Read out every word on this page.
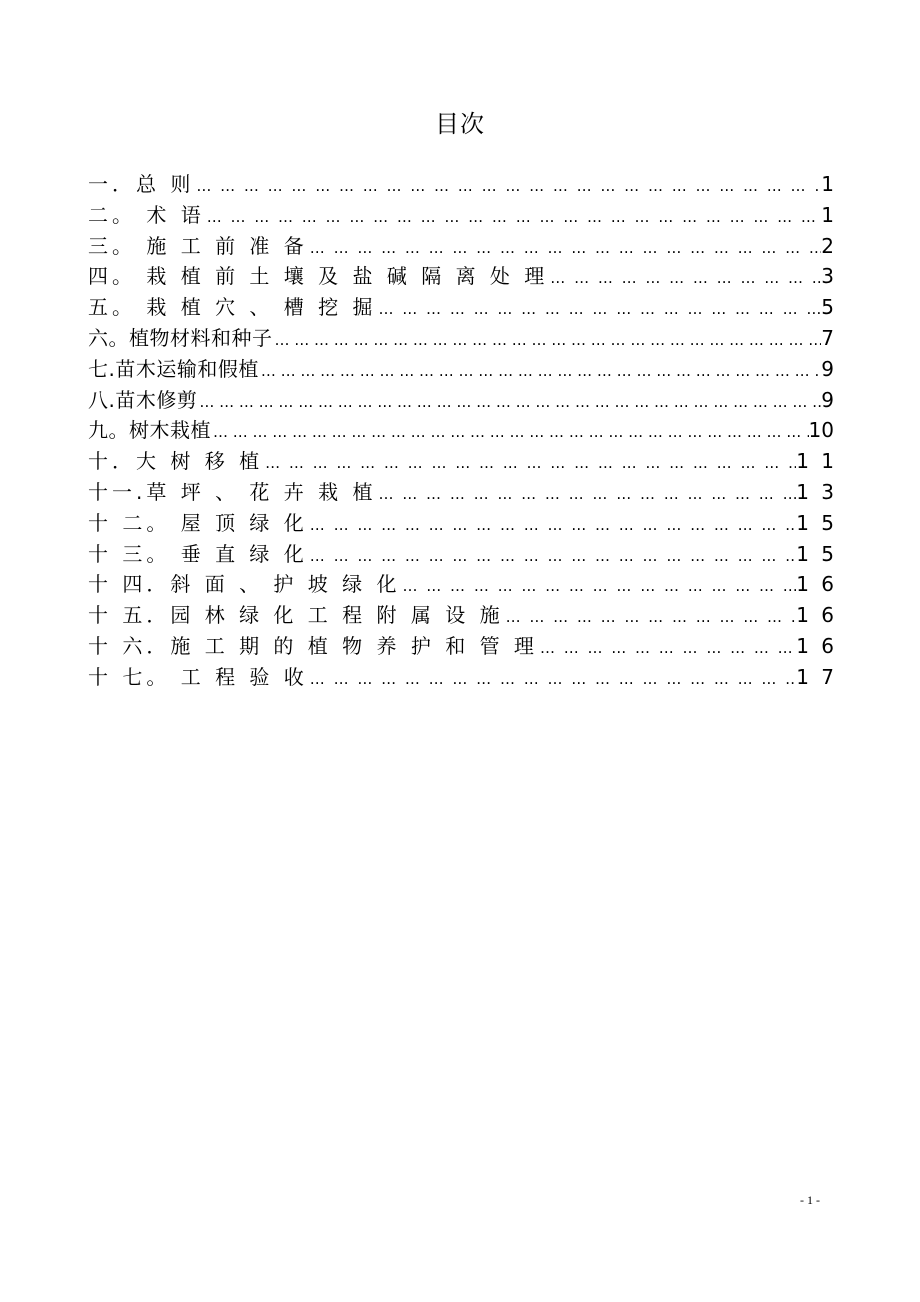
目次
一．总 则 … … … … … … … … … … … … … … … … … … … … … … … … … … … … … … … … … … … … … … … … … … … … …	1
二。 术 语 … … … … … … … … … … … … … … … … … … … … … … … … … … … … … … … … … … … … … … … … … … … … …	1
三。 施 工 前 准 备 … … … … … … … … … … … … … … … … … … … … … … … … … … … … … … … … … … … … … … … … … … … … …	2
四。 栽 植 前 土 壤 及 盐 碱 隔 离 处 理 … … … … … … … … … … … … … … … … … … … … … … … … … … … … … … … … … … … … … … … … … … … … …	3
五。 栽 植 穴 、 槽 挖 掘 … … … … … … … … … … … … … … … … … … … … … … … … … … … … … … … … … … … … … … … … … … … … …	5
六。植物材料和种子 … … … … … … … … … … … … … … … … … … … … … … … … … … … … … … … … … … … … … … … … … … … … …	7
七.苗木运输和假植 … … … … … … … … … … … … … … … … … … … … … … … … … … … … … … … … … … … … … … … … … … … … …	9
八.苗木修剪 … … … … … … … … … … … … … … … … … … … … … … … … … … … … … … … … … … … … … … … … … … … … …	9
九。树木栽植 … … … … … … … … … … … … … … … … … … … … … … … … … … … … … … … … … … … … … … … … … … … … …	10
十．大 树 移 植 … … … … … … … … … … … … … … … … … … … … … … … … … … … … … … … … … … … … … … … … … … … … …	1 1
十一.草 坪 、 花 卉 栽 植 … … … … … … … … … … … … … … … … … … … … … … … … … … … … … … … … … … … … … … … … … … … … …	1 3
十 二。 屋 顶 绿 化 … … … … … … … … … … … … … … … … … … … … … … … … … … … … … … … … … … … … … … … … … … … … …	1 5
十 三。 垂 直 绿 化 … … … … … … … … … … … … … … … … … … … … … … … … … … … … … … … … … … … … … … … … … … … … …	1 5
十 四．斜 面 、 护 坡 绿 化 … … … … … … … … … … … … … … … … … … … … … … … … … … … … … … … … … … … … … … … … … … … … …	1 6
十 五．园 林 绿 化 工 程 附 属 设 施 … … … … … … … … … … … … … … … … … … … … … … … … … … … … … … … … … … … … … … … … … … … … …	1 6
十 六．施 工 期 的 植 物 养 护 和 管 理 … … … … … … … … … … … … … … … … … … … … … … … … … … … … … … … … … … … … … … … … … … … … …	1 6
十 七。 工 程 验 收 … … … … … … … … … … … … … … … … … … … … … … … … … … … … … … … … … … … … … … … … … … … … …	1 7
- 1 -
